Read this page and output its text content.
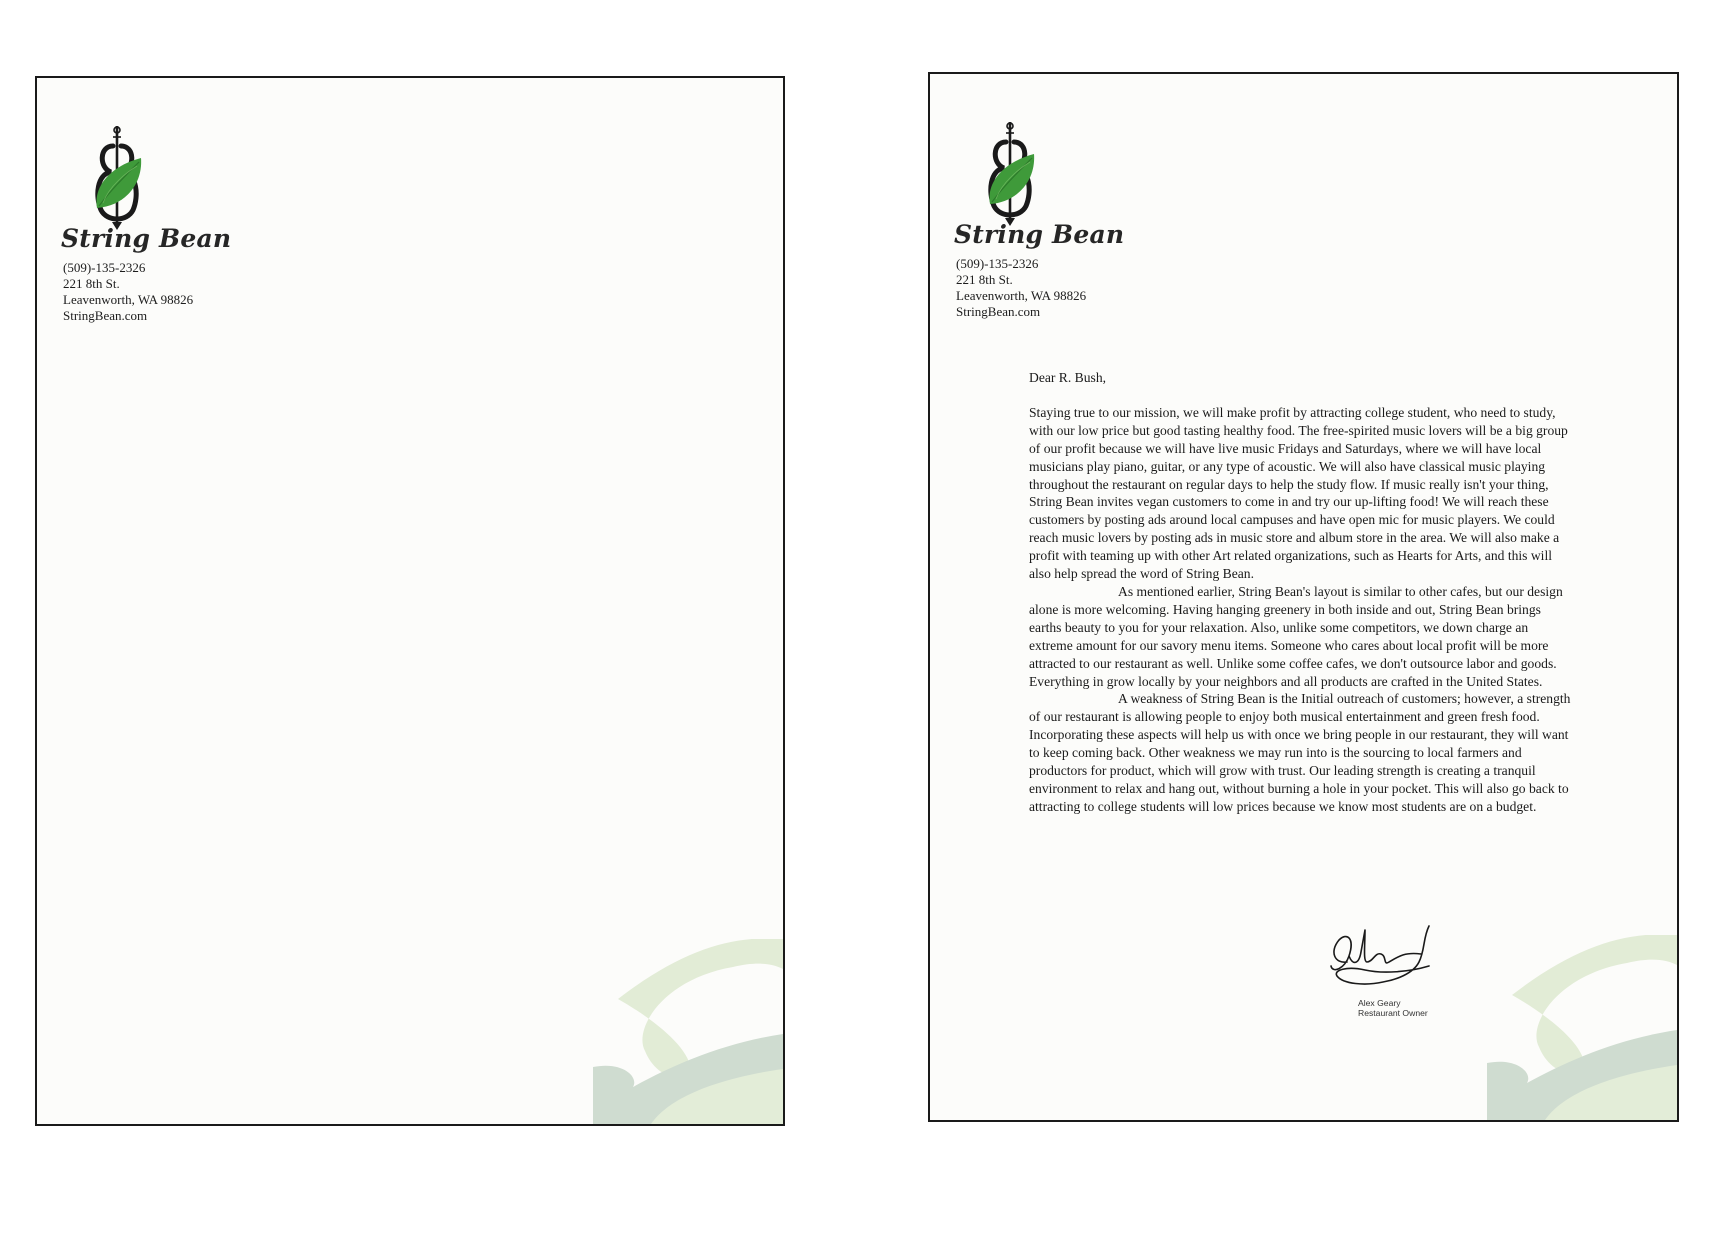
String Bean
(509)-135-2326
221 8th St.
Leavenworth, WA 98826
StringBean.com
String Bean
(509)-135-2326
221 8th St.
Leavenworth, WA 98826
StringBean.com
Dear R. Bush,

Staying true to our mission, we will make profit by attracting college student, who need to study, with our low price but good tasting healthy food. The free-spirited music lovers will be a big group of our profit because we will have live music Fridays and Saturdays, where we will have local musicians play piano, guitar, or any type of acoustic. We will also have classical music playing throughout the restaurant on regular days to help the study flow. If music really isn't your thing, String Bean invites vegan customers to come in and try our up-lifting food! We will reach these customers by posting ads around local campuses and have open mic for music players. We could reach music lovers by posting ads in music store and album store in the area. We will also make a profit with teaming up with other Art related organizations, such as Hearts for Arts, and this will also help spread the word of String Bean.

As mentioned earlier, String Bean's layout is similar to other cafes, but our design alone is more welcoming. Having hanging greenery in both inside and out, String Bean brings earths beauty to you for your relaxation. Also, unlike some competitors, we down charge an extreme amount for our savory menu items. Someone who cares about local profit will be more attracted to our restaurant as well. Unlike some coffee cafes, we don't outsource labor and goods. Everything in grow locally by your neighbors and all products are crafted in the United States.

A weakness of String Bean is the Initial outreach of customers; however, a strength of our restaurant is allowing people to enjoy both musical entertainment and green fresh food. Incorporating these aspects will help us with once we bring people in our restaurant, they will want to keep coming back. Other weakness we may run into is the sourcing to local farmers and productors for product, which will grow with trust. Our leading strength is creating a tranquil environment to relax and hang out, without burning a hole in your pocket. This will also go back to attracting to college students will low prices because we know most students are on a budget.

Alex Geary
Restaurant Owner
